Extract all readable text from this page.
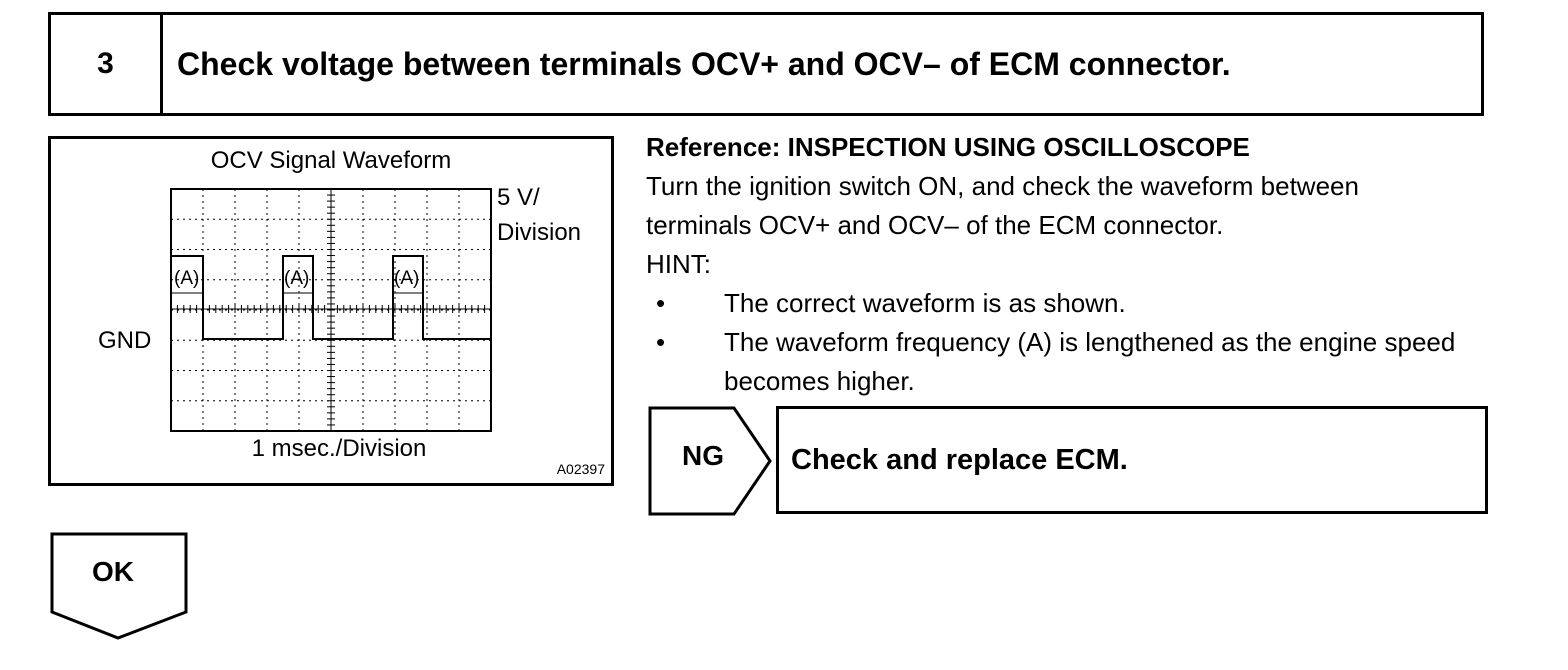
3	Check voltage between terminals OCV+ and OCV– of ECM connector.
OCV Signal Waveform
5 V/
Division
GND
(A)	(A)	(A)
1 msec./Division
A02397
Reference: INSPECTION USING OSCILLOSCOPE
Turn the ignition switch ON, and check the waveform between
terminals OCV+ and OCV– of the ECM connector.
HINT:
• The correct waveform is as shown.
• The waveform frequency (A) is lengthened as the engine speed becomes higher.
NG Check and replace ECM.
OK
